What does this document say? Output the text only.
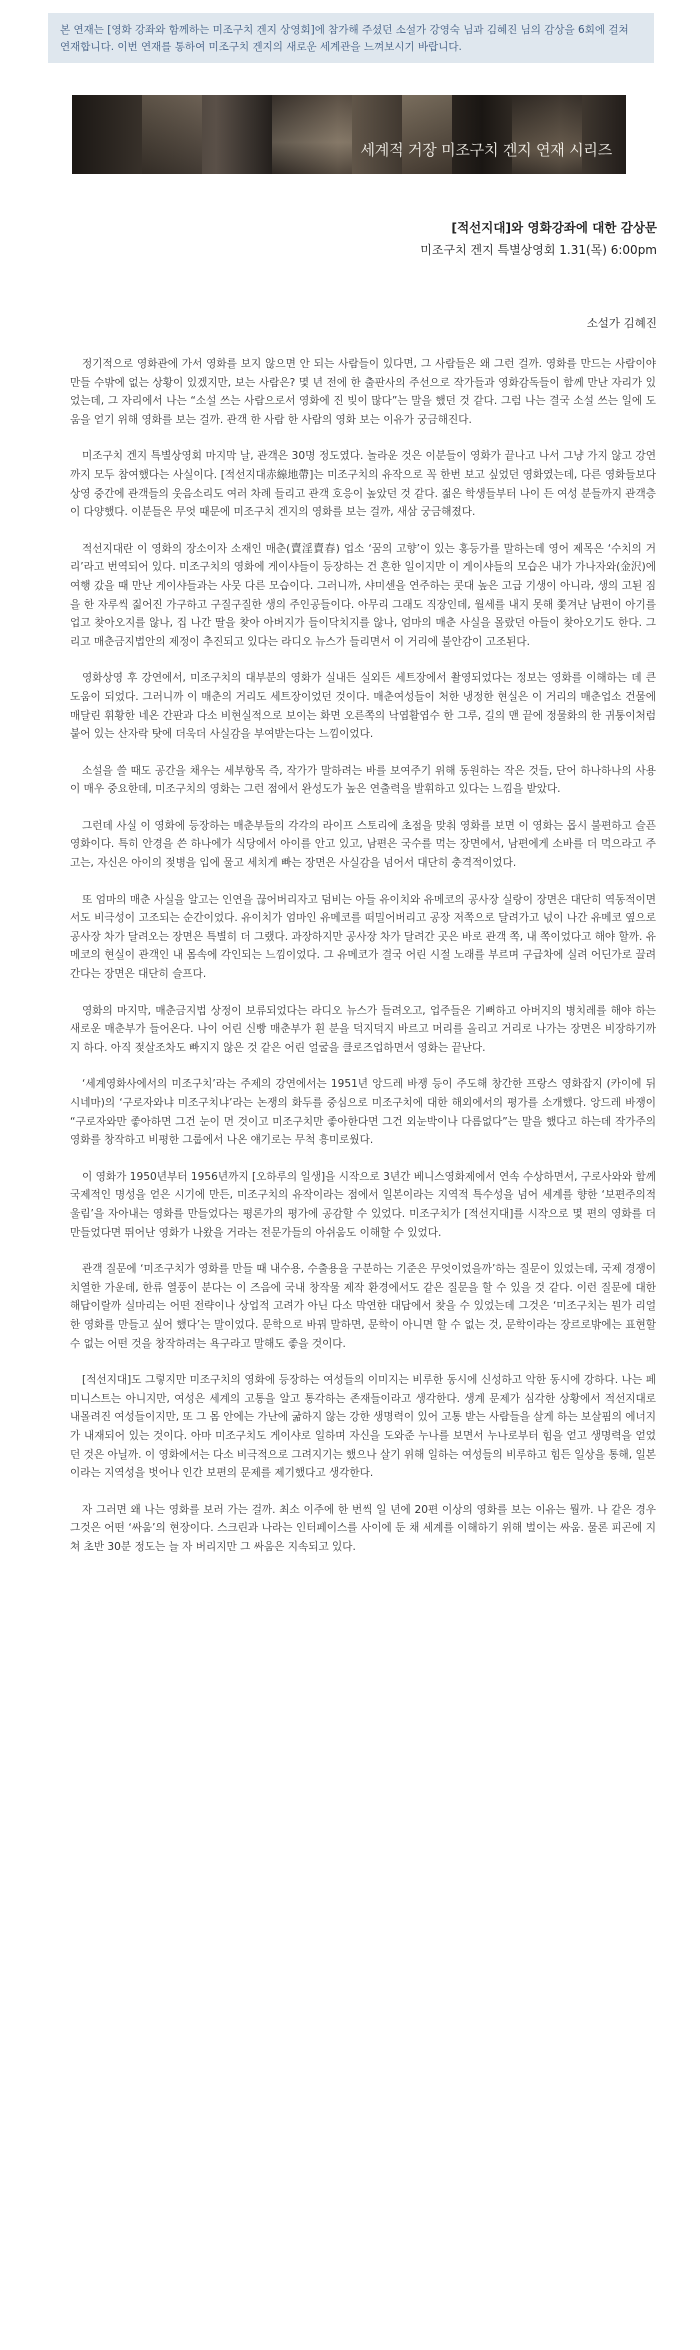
본 연재는 [영화 강좌와 함께하는 미조구치 겐지 상영회]에 참가해 주셨던 소설가 강영숙 님과 김혜진 님의 감상을 6회에 걸쳐 연재합니다. 이번 연재를 통하여 미조구치 겐지의 새로운 세계관을 느껴보시기 바랍니다.
세계적 거장 미조구치 겐지 연재 시리즈
[적선지대]와 영화강좌에 대한 감상문
미조구치 겐지 특별상영회 1.31(목) 6:00pm
소설가 김혜진

정기적으로 영화관에 가서 영화를 보지 않으면 안 되는 사람들이 있다면, 그 사람들은 왜 그런 걸까. 영화를 만드는 사람이야 만들 수밖에 없는 상황이 있겠지만, 보는 사람은? 몇 년 전에 한 출판사의 주선으로 작가들과 영화감독들이 함께 만난 자리가 있었는데, 그 자리에서 나는 “소설 쓰는 사람으로서 영화에 진 빚이 많다”는 말을 했던 것 같다. 그럼 나는 결국 소설 쓰는 일에 도움을 얻기 위해 영화를 보는 걸까. 관객 한 사람 한 사람의 영화 보는 이유가 궁금해진다.

미조구치 겐지 특별상영회 마지막 날, 관객은 30명 정도였다. 놀라운 것은 이분들이 영화가 끝나고 나서 그냥 가지 않고 강연까지 모두 참여했다는 사실이다. [적선지대赤線地帶]는 미조구치의 유작으로 꼭 한번 보고 싶었던 영화였는데, 다른 영화들보다 상영 중간에 관객들의 웃음소리도 여러 차례 들리고 관객 호응이 높았던 것 같다. 젊은 학생들부터 나이 든 여성 분들까지 관객층이 다양했다. 이분들은 무엇 때문에 미조구치 겐지의 영화를 보는 걸까, 새삼 궁금해졌다.

적선지대란 이 영화의 장소이자 소재인 매춘(賣淫賣春) 업소 ‘꿈의 고향’이 있는 홍등가를 말하는데 영어 제목은 ‘수치의 거리’라고 번역되어 있다. 미조구치의 영화에 게이샤들이 등장하는 건 흔한 일이지만 이 게이샤들의 모습은 내가 가나자와(金沢)에 여행 갔을 때 만난 게이샤들과는 사뭇 다른 모습이다. 그러니까, 샤미센을 연주하는 콧대 높은 고급 기생이 아니라, 생의 고된 짐을 한 자루씩 짊어진 가구하고 구질구질한 생의 주인공들이다. 아무리 그래도 직장인데, 월세를 내지 못해 쫓겨난 남편이 아기를 업고 찾아오지를 않나, 집 나간 딸을 찾아 아버지가 들이닥치지를 않나, 엄마의 매춘 사실을 몰랐던 아들이 찾아오기도 한다. 그리고 매춘금지법안의 제정이 추진되고 있다는 라디오 뉴스가 들리면서 이 거리에 불안감이 고조된다.

영화상영 후 강연에서, 미조구치의 대부분의 영화가 실내든 실외든 세트장에서 촬영되었다는 정보는 영화를 이해하는 데 큰 도움이 되었다. 그러니까 이 매춘의 거리도 세트장이었던 것이다. 매춘여성들이 처한 냉정한 현실은 이 거리의 매춘업소 건물에 매달린 휘황한 네온 간판과 다소 비현실적으로 보이는 화면 오른쪽의 낙엽활엽수 한 그루, 길의 맨 끝에 정물화의 한 귀퉁이처럼 붙어 있는 산자락 탓에 더욱더 사실감을 부여받는다는 느낌이었다.

소설을 쓸 때도 공간을 채우는 세부항목 즉, 작가가 말하려는 바를 보여주기 위해 동원하는 작은 것들, 단어 하나하나의 사용이 매우 중요한데, 미조구치의 영화는 그런 점에서 완성도가 높은 연출력을 발휘하고 있다는 느낌을 받았다.

그런데 사실 이 영화에 등장하는 매춘부들의 각각의 라이프 스토리에 초점을 맞춰 영화를 보면 이 영화는 몹시 불편하고 슬픈 영화이다. 특히 안경을 쓴 하나에가 식당에서 아이를 안고 있고, 남편은 국수를 먹는 장면에서, 남편에게 소바를 더 먹으라고 주고는, 자신은 아이의 젖병을 입에 물고 세치게 빠는 장면은 사실감을 넘어서 대단히 충격적이었다.

또 엄마의 매춘 사실을 알고는 인연을 끊어버리자고 덤비는 아들 유이치와 유메코의 공사장 실랑이 장면은 대단히 역동적이면서도 비극성이 고조되는 순간이었다. 유이치가 엄마인 유메코를 떠밀어버리고 공장 저쪽으로 달려가고 넋이 나간 유메코 옆으로 공사장 차가 달려오는 장면은 특별히 더 그랬다. 과장하지만 공사장 차가 달려간 곳은 바로 관객 쪽, 내 쪽이었다고 해야 할까. 유메코의 현실이 관객인 내 몸속에 각인되는 느낌이었다. 그 유메코가 결국 어린 시절 노래를 부르며 구급차에 실려 어딘가로 끌려간다는 장면은 대단히 슬프다.

영화의 마지막, 매춘금지법 상정이 보류되었다는 라디오 뉴스가 들려오고, 업주들은 기뻐하고 아버지의 병치레를 해야 하는 새로운 매춘부가 들어온다. 나이 어린 신빵 매춘부가 흰 분을 덕지덕지 바르고 머리를 올리고 거리로 나가는 장면은 비장하기까지 하다. 아직 젖살조차도 빠지지 않은 것 같은 어린 얼굴을 클로즈업하면서 영화는 끝난다.

‘세계영화사에서의 미조구치’라는 주제의 강연에서는 1951년 앙드레 바쟁 등이 주도해 창간한 프랑스 영화잡지 (카이에 뒤 시네마)의 ‘구로자와냐 미조구치냐’라는 논쟁의 화두를 중심으로 미조구치에 대한 해외에서의 평가를 소개했다. 앙드레 바쟁이 “구로자와만 좋아하면 그건 눈이 먼 것이고 미조구치만 좋아한다면 그건 외눈박이나 다름없다”는 말을 했다고 하는데 작가주의 영화를 창작하고 비평한 그룹에서 나온 얘기로는 무척 흥미로웠다.

이 영화가 1950년부터 1956년까지 [오하루의 일생]을 시작으로 3년간 베니스영화제에서 연속 수상하면서, 구로사와와 함께 국제적인 명성을 얻은 시기에 만든, 미조구치의 유작이라는 점에서 일본이라는 지역적 특수성을 넘어 세계를 향한 ‘보편주의적 울림’을 자아내는 영화를 만들었다는 평론가의 평가에 공감할 수 있었다. 미조구치가 [적선지대]를 시작으로 몇 편의 영화를 더 만들었다면 뛰어난 영화가 나왔을 거라는 전문가들의 아쉬움도 이해할 수 있었다.

관객 질문에 ‘미조구치가 영화를 만들 때 내수용, 수출용을 구분하는 기준은 무엇이었을까’하는 질문이 있었는데, 국제 경쟁이 치열한 가운데, 한류 열풍이 분다는 이 즈음에 국내 창작물 제작 환경에서도 같은 질문을 할 수 있을 것 같다. 이런 질문에 대한 해답이랄까 실마리는 어떤 전략이나 상업적 고려가 아닌 다소 막연한 대답에서 찾을 수 있었는데 그것은 ‘미조구치는 뭔가 리얼한 영화를 만들고 싶어 했다’는 말이었다. 문학으로 바꿔 말하면, 문학이 아니면 할 수 없는 것, 문학이라는 장르로밖에는 표현할 수 없는 어떤 것을 창작하려는 욕구라고 말해도 좋을 것이다.

[적선지대]도 그렇지만 미조구치의 영화에 등장하는 여성들의 이미지는 비루한 동시에 신성하고 악한 동시에 강하다. 나는 페미니스트는 아니지만, 여성은 세계의 고통을 알고 통각하는 존재들이라고 생각한다. 생계 문제가 심각한 상황에서 적선지대로 내몰려진 여성들이지만, 또 그 몸 안에는 가난에 굶하지 않는 강한 생명력이 있어 고통 받는 사람들을 살게 하는 보살핌의 에너지가 내재되어 있는 것이다. 아마 미조구치도 게이샤로 일하며 자신을 도와준 누나를 보면서 누나로부터 힘을 얻고 생명력을 얻었던 것은 아닐까. 이 영화에서는 다소 비극적으로 그려지기는 했으나 살기 위해 일하는 여성들의 비루하고 힘든 일상을 통해, 일본이라는 지역성을 벗어나 인간 보편의 문제를 제기했다고 생각한다.

자 그러면 왜 나는 영화를 보러 가는 걸까. 최소 이주에 한 번씩 일 년에 20편 이상의 영화를 보는 이유는 뭘까. 나 같은 경우 그것은 어떤 ‘싸움’의 현장이다. 스크린과 나라는 인터페이스를 사이에 둔 채 세계를 이해하기 위해 벌이는 싸움. 물론 피곤에 지쳐 초반 30분 정도는 늘 자 버리지만 그 싸움은 지속되고 있다.
